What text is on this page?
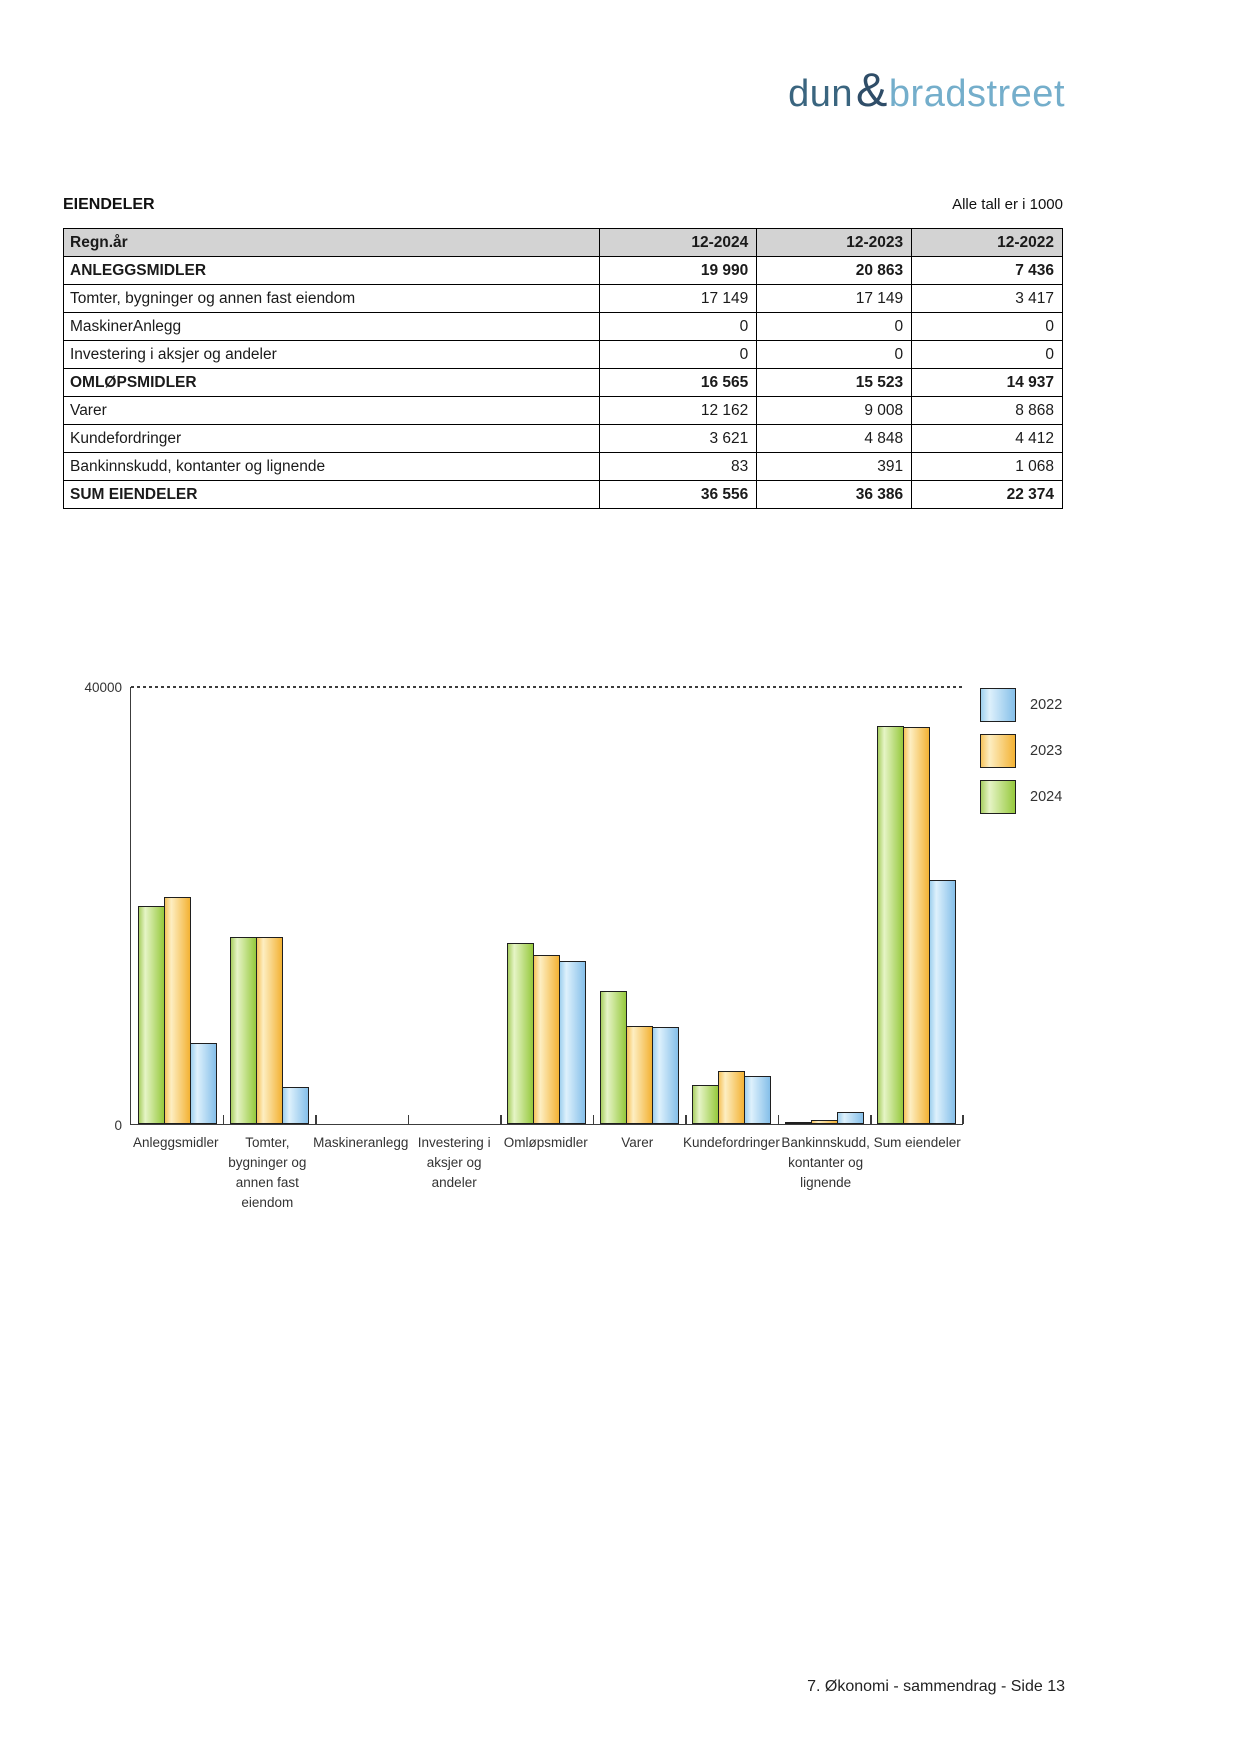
dun & bradstreet
EIENDELER	Alle tall er i 1000
Regn.år	12-2024	12-2023	12-2022
ANLEGGSMIDLER	19 990	20 863	7 436
Tomter, bygninger og annen fast eiendom	17 149	17 149	3 417
MaskinerAnlegg	0	0	0
Investering i aksjer og andeler	0	0	0
OMLØPSMIDLER	16 565	15 523	14 937
Varer	12 162	9 008	8 868
Kundefordringer	3 621	4 848	4 412
Bankinnskudd, kontanter og lignende	83	391	1 068
SUM EIENDELER	36 556	36 386	22 374
40000
0
Anleggsmidler	Tomter,
bygninger og
annen fast
eiendom
Maskineranlegg Investering i
aksjer og
andeler
Omløpsmidler	Varer	Kundefordringer Bankinnskudd,
kontanter og
lignende
Sum eiendeler
2022
2023
2024
7. Økonomi - sammendrag - Side 13
